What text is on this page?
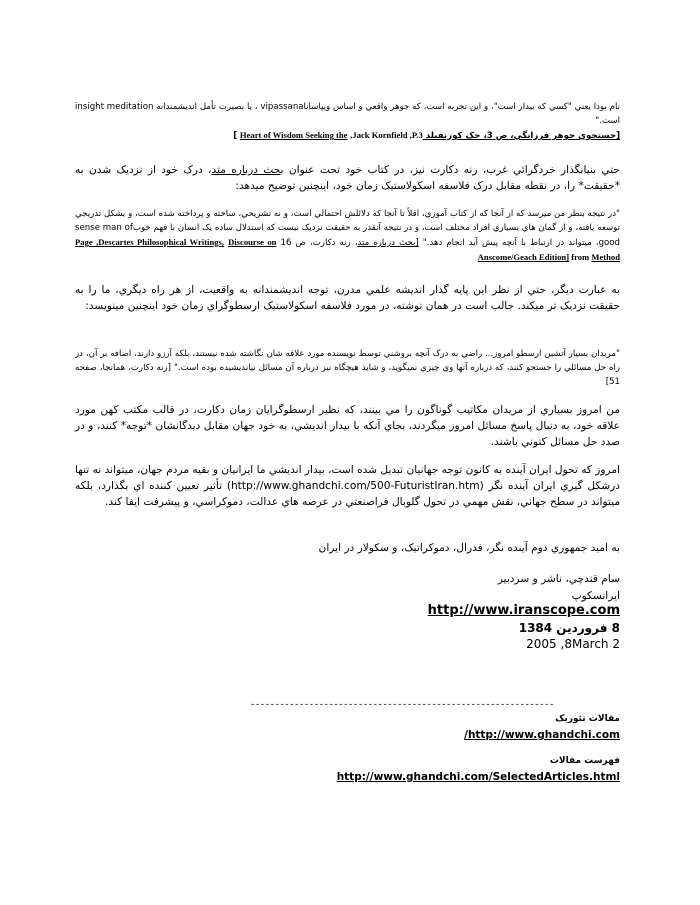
نام بودا يعني "کسي که بيدار است"، و اين تجربه است، که جوهر واقعي و اساس ويپاساناvipassana ، يا بصيرت تأمل انديشمندانه insight meditation است."
[جستجوي جوهر فرزانگي، ص 3، جک کورنفيلد Jack Kornfield ,P.3, Heart of Wisdom Seeking the ]

حتي بنيانگذار خردگرائي غرب، رنه دکارت نيز، در کتاب خود تحت عنوان بحث درباره متد، درک خود از نزديک شدن به *حقيقت* را، در نقطه مقابل درک فلاسفه اسکولاستيک زمان خود، اينچنين توضيح ميدهد:

"در نتيجه بنظر من ميرسد که از آنجا که از کتاب آموزي، اقلاً تا آنجا که دلائلش احتمالي است، و نه تشريحي، ساخته و پرداخته شده است، و بشکل تدريجي توسعه يافته، و از گمان هاي بسياري افراد مختلف است، و در نتيجه آنقدر به حقيقت نزديک نيست که استدلال ساده يک انسان با فهم خوبsense man of good، ميتواند در ارتباط با آنچه پيش آيد انجام دهد." [بحث درباره متد، رنه دکارت، ص 16 Discourse on Page ,Descartes Philosophical Writings, Anscome/Geach Edition] from Method

به عبارت ديگر، حتي از نظر اين پايه گذار انديشه علمي مدرن، توجه انديشمندانه به واقعيت، از هر راه ديگري، ما را به حقيقت نزديک تر ميکند. جالب است در همان نوشته، در مورد فلاسفه اسکولاستيک ارسطوگراي زمان خود اينچنين مينويسد:

"مريدان بسيار آتشين ارسطو امروز... راضي به درک آنچه بروشني توسط نويسنده مورد علاقه شان نگاشته شده نيستند، بلکه آرزو دارند، اضافه بر آن، در راه حل مسائلي را جستجو کنند، که درباره آنها وي چيزي نميگويد، و شايد هيچگاه نيز درباره آن مسائل نيانديشيده بوده است." [رنه دکارت، همانجا، صفحه 51]

من امروز بسياري از مريدان مکاتيب گوناگون را مي بينند، که نظير ارسطوگرايان زمان دکارت، در قالب مکتب کهن مورد علاقه خود، به دنبال پاسخ مسائل امروز ميگردند، بجاي آنکه با بيدار انديشي، به خود جهان مقابل ديدگانشان *توجه* کنند، و در صدد حل مسائل کنوني باشند.

امروز که تحول ايران آينده به کانون توجه جهانيان تبديل شده است، بيدار انديشي ما ايرانيان و بقيه مردم جهان، ميتواند نه تنها درشکل گيري ايران آينده نگر (http://www.ghandchi.com/500-FuturistIran.htm) تأثير تعيين کننده اي بگذارد، بلکه ميتواند در سطح جهاني، نقش مهمي در تحول گلوبال فراصنعتي در عرصه هاي عدالت، دموکراسي، و پيشرفت ايفا کند.

به اميد جمهوري دوم آينده نگر، فدرال، دموکراتيک، و سکولار در ايران

سام قندچي، ناشر و سردبير
ايرانسکوپ
http://www.iranscope.com
8 فروردين 1384
2005 ,8March 2
--------------------------------------------------------------
مقالات تئوريک
http://www.ghandchi.com/
فهرست مقالات
http://www.ghandchi.com/SelectedArticles.html
